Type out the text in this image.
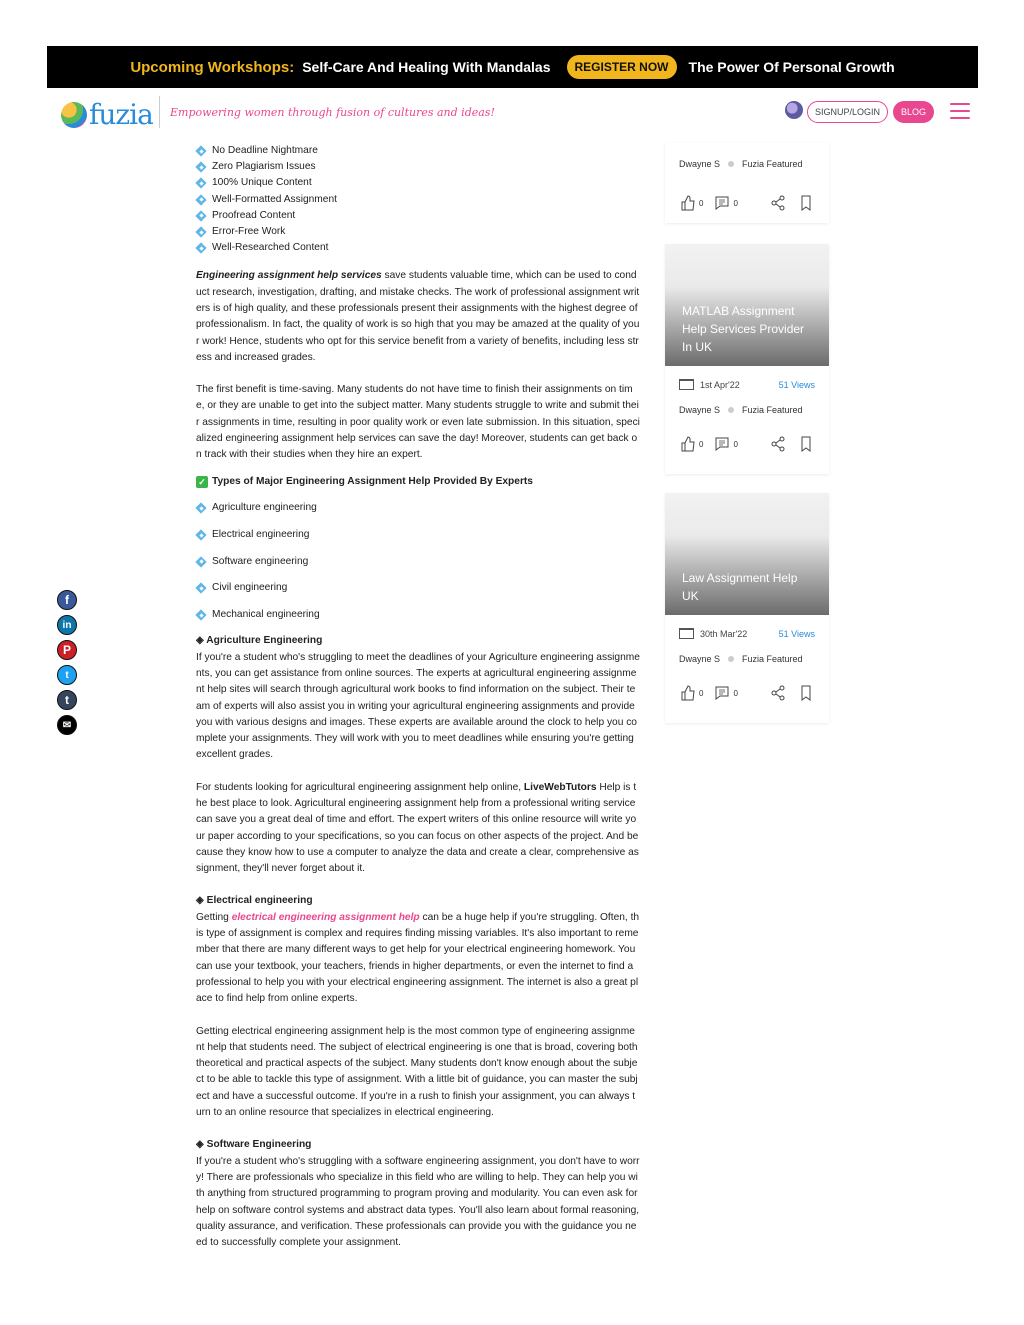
Upcoming Workshops: Self-Care And Healing With Mandalas	REGISTER NOW	The Power Of Personal Growth
fuzia Empowering women through fusion of cultures and ideas!	SIGNUP/LOGIN	BLOG
f
in
P
t
t
✉
No Deadline Nightmare
Zero Plagiarism Issues
100% Unique Content
Well-Formatted Assignment
Proofread Content
Error-Free Work
Well-Researched Content

Engineering assignment help services save students valuable time, which can be used to conduct research, investigation, drafting, and mistake checks. The work of professional assignment writers is of high quality, and these professionals present their assignments with the highest degree of professionalism. In fact, the quality of work is so high that you may be amazed at the quality of your work! Hence, students who opt for this service benefit from a variety of benefits, including less stress and increased grades.

The first benefit is time-saving. Many students do not have time to finish their assignments on time, or they are unable to get into the subject matter. Many students struggle to write and submit their assignments in time, resulting in poor quality work or even late submission. In this situation, specialized engineering assignment help services can save the day! Moreover, students can get back on track with their studies when they hire an expert.

✓ Types of Major Engineering Assignment Help Provided By Experts
Agriculture engineering
Electrical engineering
Software engineering
Civil engineering
Mechanical engineering
◈ Agriculture Engineering

If you're a student who's struggling to meet the deadlines of your Agriculture engineering assignments, you can get assistance from online sources. The experts at agricultural engineering assignment help sites will search through agricultural work books to find information on the subject. Their team of experts will also assist you in writing your agricultural engineering assignments and provide you with various designs and images. These experts are available around the clock to help you complete your assignments. They will work with you to meet deadlines while ensuring you're getting excellent grades.

For students looking for agricultural engineering assignment help online, LiveWebTutors Help is the best place to look. Agricultural engineering assignment help from a professional writing service can save you a great deal of time and effort. The expert writers of this online resource will write your paper according to your specifications, so you can focus on other aspects of the project. And because they know how to use a computer to analyze the data and create a clear, comprehensive assignment, they'll never forget about it.

◈ Electrical engineering

Getting electrical engineering assignment help can be a huge help if you're struggling. Often, this type of assignment is complex and requires finding missing variables. It's also important to remember that there are many different ways to get help for your electrical engineering homework. You can use your textbook, your teachers, friends in higher departments, or even the internet to find a professional to help you with your electrical engineering assignment. The internet is also a great place to find help from online experts.

Getting electrical engineering assignment help is the most common type of engineering assignment help that students need. The subject of electrical engineering is one that is broad, covering both theoretical and practical aspects of the subject. Many students don't know enough about the subject to be able to tackle this type of assignment. With a little bit of guidance, you can master the subject and have a successful outcome. If you're in a rush to finish your assignment, you can always turn to an online resource that specializes in electrical engineering.

◈ Software Engineering

If you're a student who's struggling with a software engineering assignment, you don't have to worry! There are professionals who specialize in this field who are willing to help. They can help you with anything from structured programming to program proving and modularity. You can even ask for help on software control systems and abstract data types. You'll also learn about formal reasoning, quality assurance, and verification. These professionals can provide you with the guidance you need to successfully complete your assignment.

Dwayne S Fuzia Featured
0	0
MATLAB Assignment Help Services Provider In UK
1st Apr'22	51 Views
Dwayne S Fuzia Featured
0	0
Law Assignment Help UK
30th Mar'22	51 Views
Dwayne S Fuzia Featured
0	0
